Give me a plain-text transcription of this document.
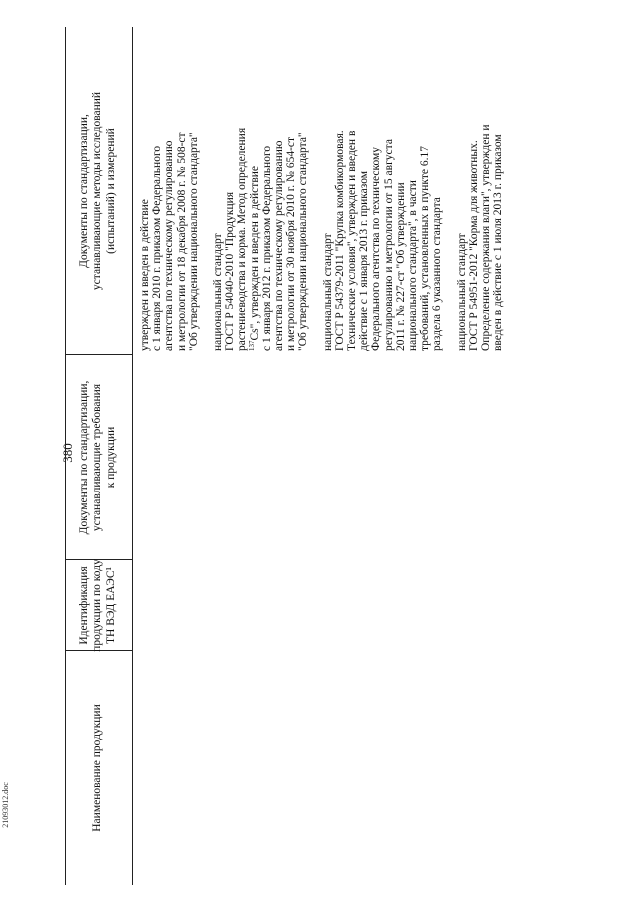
380
21093012.doc	Наименование продукции
Идентификация продукции по коду ТН ВЭД ЕАЭС¹
Документы по стандартизации, устанавливающие требования к продукции
Документы по стандартизации, устанавливающие методы исследований (испытаний) и измерений
утвержден и введен в действие с 1 января 2010 г. приказом Федерального агентства по техническому регулированию и метрологии от 18 декабря 2008 г. № 508-ст "Об утверждении национального стандарта" национальный стандарт ГОСТ Р 54040-2010 "Продукция растениеводства и корма. Метод определения $^{137}$Cs", утвержден и введен в действие с 1 января 2012 г. приказом Федерального агентства по техническому регулированию и метрологии от 30 ноября 2010 г. № 654-ст "Об утверждении национального стандарта" национальный стандарт ГОСТ Р 54379-2011 "Крупка комбикормовая. Технические условия", утвержден и введен в действие с 1 января 2013 г. приказом Федерального агентства по техническому регулированию и метрологии от 15 августа 2011 г. № 227-ст "Об утверждении национального стандарта", в части требований, установленных в пункте 6.17 раздела 6 указанного стандарта национальный стандарт ГОСТ Р 54951-2012 "Корма для животных. Определение содержания влаги", утвержден и введен в действие с 1 июля 2013 г. приказом
